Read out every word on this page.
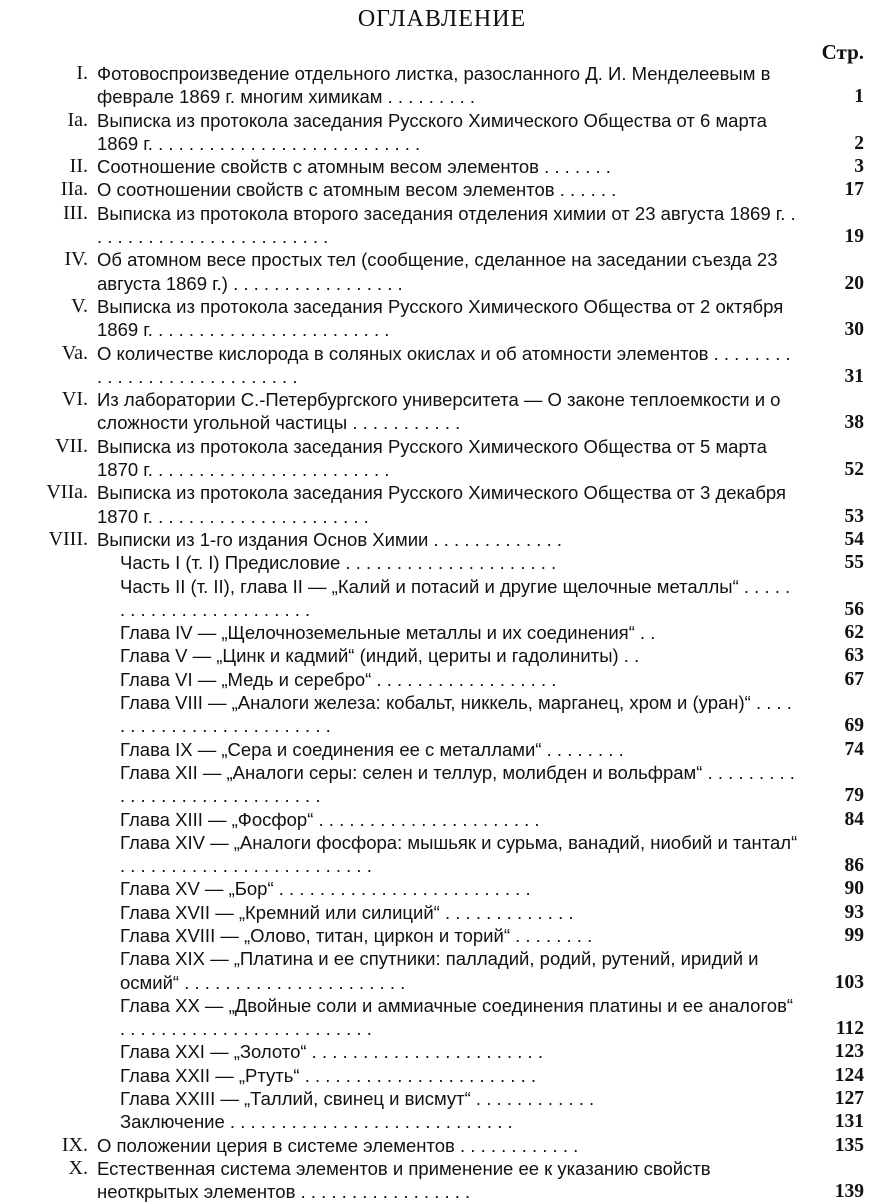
ОГЛАВЛЕНИЕ
Стр.
I. Фотовоспроизведение отдельного листка, разосланного Д. И. Менделеевым в феврале 1869 г. многим химикам . . . . . . . . .	1
Ia. Выписка из протокола заседания Русского Химического Общества от 6 марта 1869 г. . . . . . . . . . . . . . . . . . . . . . . . . . .	2
II. Соотношение свойств с атомным весом элементов . . . . . . .	3
IIa. О соотношении свойств с атомным весом элементов . . . . . .	17
III. Выписка из протокола второго заседания отделения химии от 23 августа 1869 г. . . . . . . . . . . . . . . . . . . . . . . . .	19
IV. Об атомном весе простых тел (сообщение, сделанное на заседании съезда 23 августа 1869 г.) . . . . . . . . . . . . . . . . .	20
V. Выписка из протокола заседания Русского Химического Общества от 2 октября 1869 г. . . . . . . . . . . . . . . . . . . . . . . .	30
Va. О количестве кислорода в соляных окислах и об атомности элементов . . . . . . . . . . . . . . . . . . . . . . . . . . . .	31
VI. Из лаборатории С.-Петербургского университета — О законе теплоемкости и о сложности угольной частицы . . . . . . . . . . .	38
VII. Выписка из протокола заседания Русского Химического Общества от 5 марта 1870 г. . . . . . . . . . . . . . . . . . . . . . . .	52
VIIa. Выписка из протокола заседания Русского Химического Общества от 3 декабря 1870 г. . . . . . . . . . . . . . . . . . . . . .	53
VIII. Выписки из 1-го издания Основ Химии . . . . . . . . . . . . .	54
Часть I (т. I) Предисловие . . . . . . . . . . . . . . . . . . . . .	55
Часть II (т. II), глава II — „Калий и потасий и другие щелочные металлы“ . . . . . . . . . . . . . . . . . . . . . . . .	56
Глава IV — „Щелочноземельные металлы и их соединения“ . .	62
Глава V — „Цинк и кадмий“ (индий, цериты и гадолиниты) . .	63
Глава VI — „Медь и серебро“ . . . . . . . . . . . . . . . . . .	67
Глава VIII — „Аналоги железа: кобальт, никкель, марганец, хром и (уран)“ . . . . . . . . . . . . . . . . . . . . . . . . .	69
Глава IX — „Сера и соединения ее с металлами“ . . . . . . . .	74
Глава XII — „Аналоги серы: селен и теллур, молибден и вольфрам“ . . . . . . . . . . . . . . . . . . . . . . . . . . . . .	79
Глава XIII — „Фосфор“ . . . . . . . . . . . . . . . . . . . . . .	84
Глава XIV — „Аналоги фосфора: мышьяк и сурьма, ванадий, ниобий и тантал“ . . . . . . . . . . . . . . . . . . . . . . . . .	86
Глава XV — „Бор“ . . . . . . . . . . . . . . . . . . . . . . . . .	90
Глава XVII — „Кремний или силиций“ . . . . . . . . . . . . .	93
Глава XVIII — „Олово, титан, циркон и торий“ . . . . . . . .	99
Глава XIX — „Платина и ее спутники: палладий, родий, рутений, иридий и осмий“ . . . . . . . . . . . . . . . . . . . . . .	103
Глава XX — „Двойные соли и аммиачные соединения платины и ее аналогов“ . . . . . . . . . . . . . . . . . . . . . . . . .	112
Глава XXI — „Золото“ . . . . . . . . . . . . . . . . . . . . . . .	123
Глава XXII — „Ртуть“ . . . . . . . . . . . . . . . . . . . . . . .	124
Глава XXIII — „Таллий, свинец и висмут“ . . . . . . . . . . . .	127
Заключение . . . . . . . . . . . . . . . . . . . . . . . . . . . .	131
IX. О положении церия в системе элементов . . . . . . . . . . . .	135
X. Естественная система элементов и применение ее к указанию свойств неоткрытых элементов . . . . . . . . . . . . . . . . .	139
